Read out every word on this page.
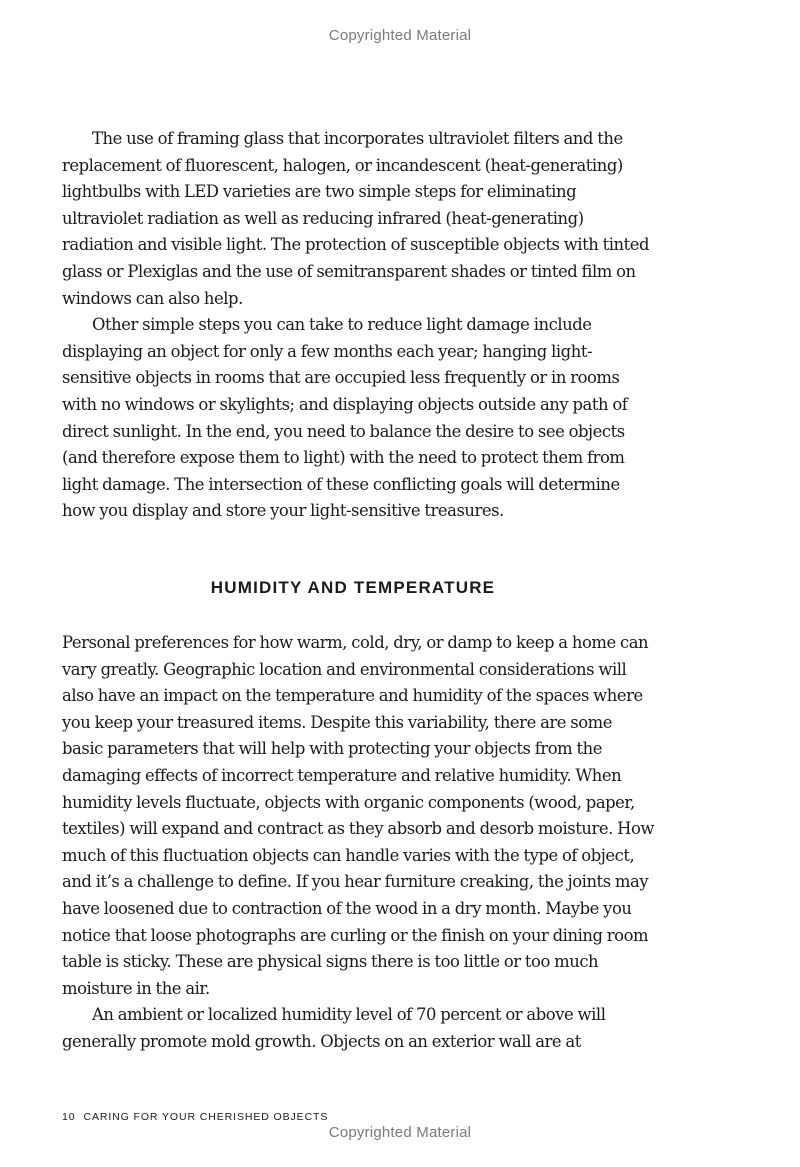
Copyrighted Material

The use of framing glass that incorporates ultraviolet filters and the replacement of fluorescent, halogen, or incandescent (heat-generating) lightbulbs with LED varieties are two simple steps for eliminating ultraviolet radiation as well as reducing infrared (heat-generating) radiation and visible light. The protection of susceptible objects with tinted glass or Plexiglas and the use of semitransparent shades or tinted film on windows can also help.

Other simple steps you can take to reduce light damage include displaying an object for only a few months each year; hanging light-sensitive objects in rooms that are occupied less frequently or in rooms with no windows or skylights; and displaying objects outside any path of direct sunlight. In the end, you need to balance the desire to see objects (and therefore expose them to light) with the need to protect them from light damage. The intersection of these conflicting goals will determine how you display and store your light-sensitive treasures.

HUMIDITY AND TEMPERATURE

Personal preferences for how warm, cold, dry, or damp to keep a home can vary greatly. Geographic location and environmental considerations will also have an impact on the temperature and humidity of the spaces where you keep your treasured items. Despite this variability, there are some basic parameters that will help with protecting your objects from the damaging effects of incorrect temperature and relative humidity. When humidity levels fluctuate, objects with organic components (wood, paper, textiles) will expand and contract as they absorb and desorb moisture. How much of this fluctuation objects can handle varies with the type of object, and it’s a challenge to define. If you hear furniture creaking, the joints may have loosened due to contraction of the wood in a dry month. Maybe you notice that loose photographs are curling or the finish on your dining room table is sticky. These are physical signs there is too little or too much moisture in the air.

An ambient or localized humidity level of 70 percent or above will generally promote mold growth. Objects on an exterior wall are at

10 CARING FOR YOUR CHERISHED OBJECTS
Copyrighted Material
